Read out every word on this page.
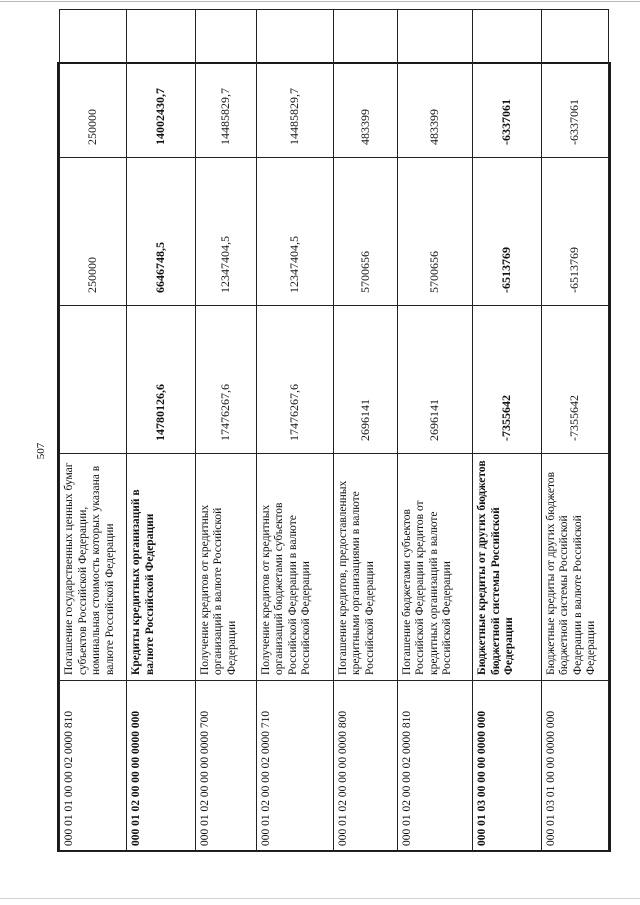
507
000 01 01 00 00 02 0000 810	Погашение государственных ценных бумаг субъектов Российской Федерации, номинальная стоимость которых указана в валюте Российской Федерации		250000	250000
000 01 02 00 00 00 0000 000	Кредиты кредитных организаций в валюте Российской Федерации	14780126,6	6646748,5	14002430,7
000 01 02 00 00 00 0000 700	Получение кредитов от кредитных организаций в валюте Российской Федерации	17476267,6	12347404,5	14485829,7
000 01 02 00 00 02 0000 710	Получение кредитов от кредитных организаций бюджетами субъектов Российской Федерации в валюте Российской Федерации	17476267,6	12347404,5	14485829,7
000 01 02 00 00 00 0000 800	Погашение кредитов, предоставленных кредитными организациями в валюте Российской Федерации	2696141	5700656	483399
000 01 02 00 00 02 0000 810	Погашение бюджетами субъектов Российской Федерации кредитов от кредитных организаций в валюте Российской Федерации	2696141	5700656	483399
000 01 03 00 00 00 0000 000	Бюджетные кредиты от других бюджетов бюджетной системы Российской Федерации	-7355642	-6513769	-6337061
000 01 03 01 00 00 0000 000	Бюджетные кредиты от других бюджетов бюджетной системы Российской Федерации в валюте Российской Федерации	-7355642	-6513769	-6337061
